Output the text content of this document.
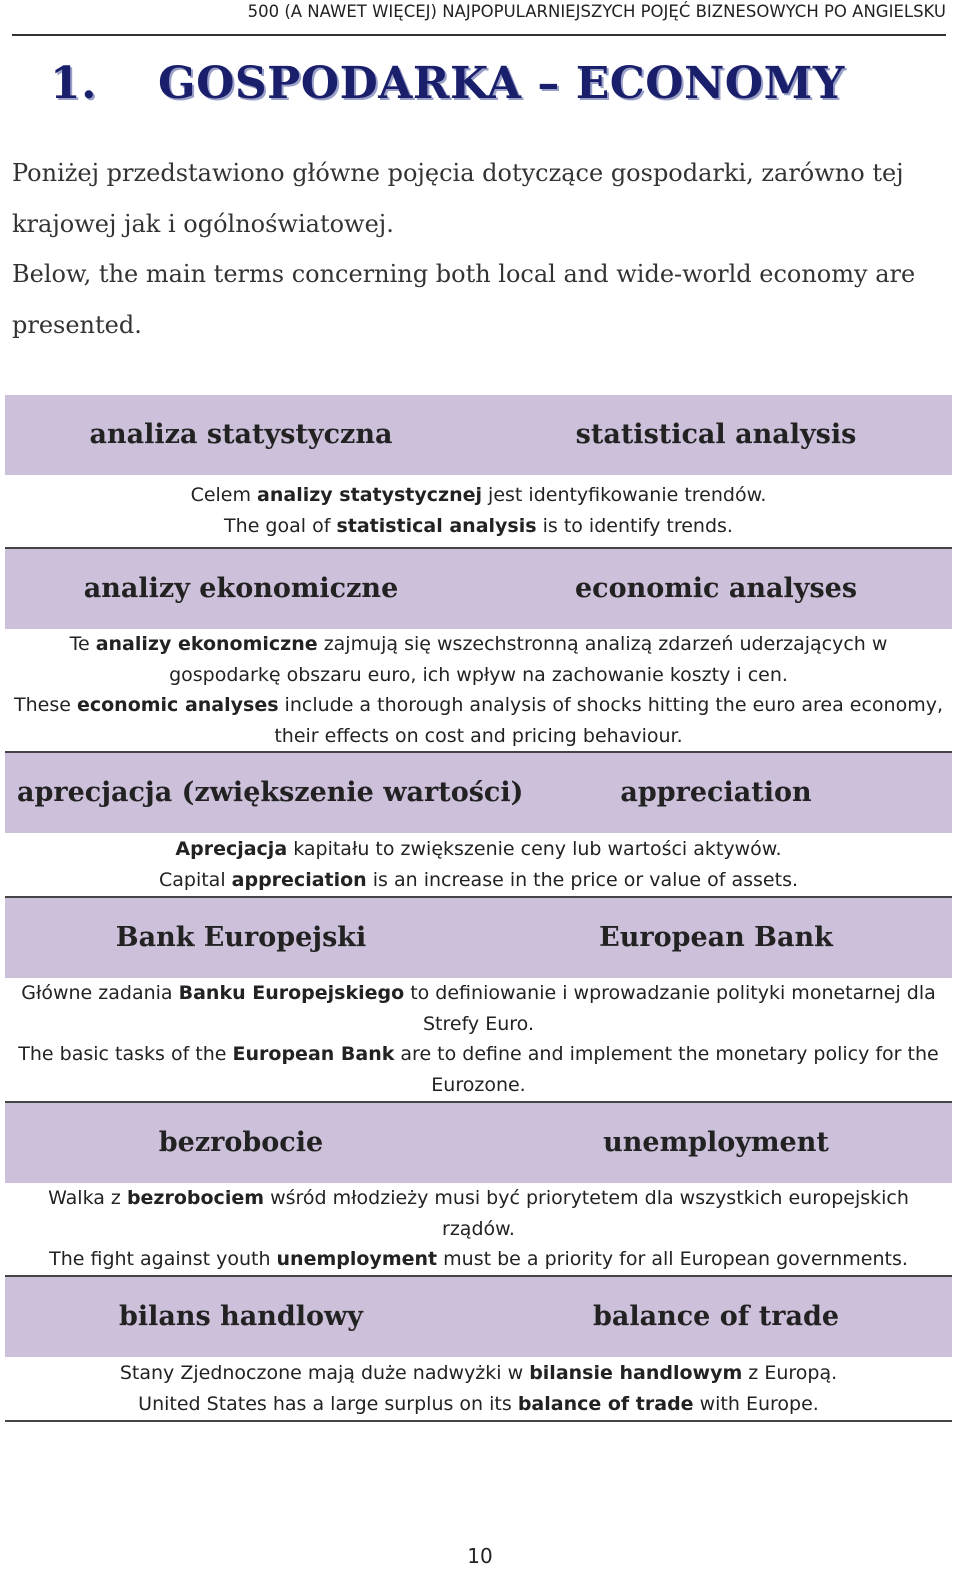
500 (A NAWET WIĘCEJ) NAJPOPULARNIEJSZYCH POJĘĆ BIZNESOWYCH PO ANGIELSKU
1. GOSPODARKA – ECONOMY

Poniżej przedstawiono główne pojęcia dotyczące gospodarki, zarówno tej krajowej jak i ogólnoświatowej.

Below, the main terms concerning both local and wide-world economy are presented.

analiza statystyczna	statistical analysis

Celem analizy statystycznej jest identyfikowanie trendów.

The goal of statistical analysis is to identify trends.

analizy ekonomiczne	economic analyses

Te analizy ekonomiczne zajmują się wszechstronną analizą zdarzeń uderzających w gospodarkę obszaru euro, ich wpływ na zachowanie koszty i cen.

These economic analyses include a thorough analysis of shocks hitting the euro area economy, their effects on cost and pricing behaviour.

aprecjacja (zwiększenie wartości)	appreciation

Aprecjacja kapitału to zwiększenie ceny lub wartości aktywów.

Capital appreciation is an increase in the price or value of assets.

Bank Europejski	European Bank

Główne zadania Banku Europejskiego to definiowanie i wprowadzanie polityki monetarnej dla Strefy Euro.

The basic tasks of the European Bank are to define and implement the monetary policy for the Eurozone.

bezrobocie	unemployment

Walka z bezrobociem wśród młodzieży musi być priorytetem dla wszystkich europejskich rządów.

The fight against youth unemployment must be a priority for all European governments.

bilans handlowy	balance of trade

Stany Zjednoczone mają duże nadwyżki w bilansie handlowym z Europą.

United States has a large surplus on its balance of trade with Europe.

10
